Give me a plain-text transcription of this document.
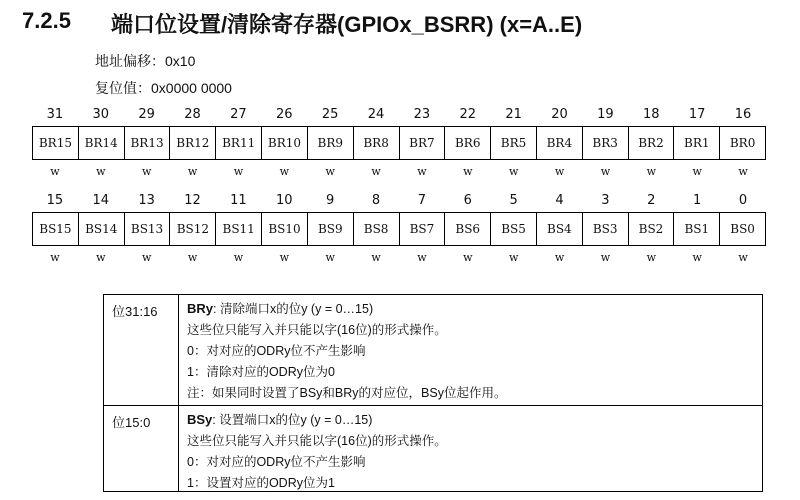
7.2.5 端口位设置/清除寄存器(GPIOx_BSRR) (x=A..E)
地址偏移：0x10
复位值：0x0000 0000
31	30	29	28	27	26	25	24	23	22	21	20	19	18	17	16
BR15	BR14	BR13	BR12	BR11	BR10	BR9	BR8	BR7	BR6	BR5	BR4	BR3	BR2	BR1	BR0
w	w	w	w	w	w	w	w	w	w	w	w	w	w	w	w
15	14	13	12	11	10	9	8	7	6	5	4	3	2	1	0
BS15	BS14	BS13	BS12	BS11	BS10	BS9	BS8	BS7	BS6	BS5	BS4	BS3	BS2	BS1	BS0
w	w	w	w	w	w	w	w	w	w	w	w	w	w	w	w
位31:16	BRy: 清除端口x的位y (y = 0…15)
这些位只能写入并只能以字(16位)的形式操作。
0：对对应的ODRy位不产生影响
1：清除对应的ODRy位为0
注：如果同时设置了BSy和BRy的对应位，BSy位起作用。
位15:0	BSy: 设置端口x的位y (y = 0…15)
这些位只能写入并只能以字(16位)的形式操作。
0：对对应的ODRy位不产生影响
1：设置对应的ODRy位为1
